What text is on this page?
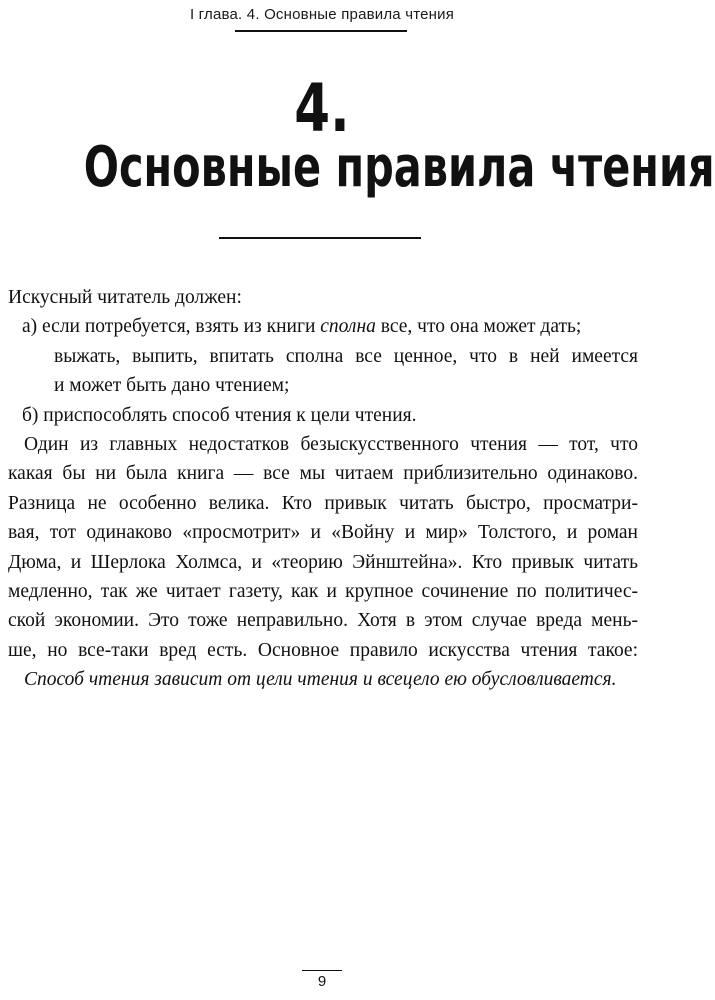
I глава. 4. Основные правила чтения
4.
Основные правила чтения
Искусный читатель должен:
а) если потребуется, взять из книги сполна все, что она может дать;
выжать, выпить, впитать сполна все ценное, что в ней имеется
и может быть дано чтением;
б) приспособлять способ чтения к цели чтения.
Один из главных недостатков безыскусственного чтения — тот, что
какая бы ни была книга — все мы читаем приблизительно одинаково.
Разница не особенно велика. Кто привык читать быстро, просматри-
вая, тот одинаково «просмотрит» и «Войну и мир» Толстого, и роман
Дюма, и Шерлока Холмса, и «теорию Эйнштейна». Кто привык читать
медленно, так же читает газету, как и крупное сочинение по политичес-
ской экономии. Это тоже неправильно. Хотя в этом случае вреда мень-
ше, но все-таки вред есть. Основное правило искусства чтения такое:
Способ чтения зависит от цели чтения и всецело ею обусловливается.
9
